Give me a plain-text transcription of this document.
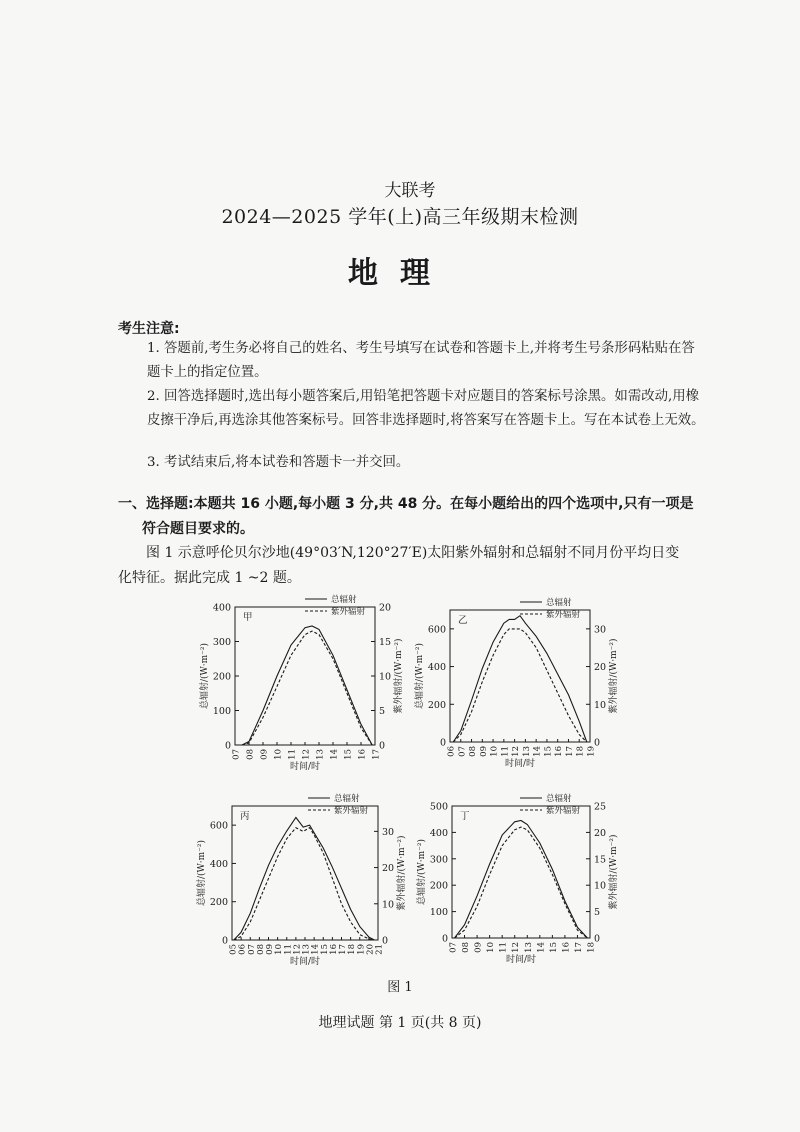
大联考
2024—2025 学年(上)高三年级期末检测
地理
考生注意:
1. 答题前,考生务必将自己的姓名、考生号填写在试卷和答题卡上,并将考生号条形码粘贴在答题卡上的指定位置。
2. 回答选择题时,选出每小题答案后,用铅笔把答题卡对应题目的答案标号涂黑。如需改动,用橡皮擦干净后,再选涂其他答案标号。回答非选择题时,将答案写在答题卡上。写在本试卷上无效。
3. 考试结束后,将本试卷和答题卡一并交回。
一、选择题:本题共 16 小题,每小题 3 分,共 48 分。在每小题给出的四个选项中,只有一项是
符合题目要求的。
图 1 示意呼伦贝尔沙地(49°03′N,120°27′E)太阳紫外辐射和总辐射不同月份平均日变
化特征。据此完成 1 ~2 题。
0
100
200
300
400
0
5
10
15
20
07 08 09 10 11 12 13 14 15 16 17
时间/时
总辐射/(W·m⁻²)	紫外辐射/(W·m⁻²)
甲
总辐射
紫外辐射
0
200
400
600
0
10
20
30
06 07 08 09 10 11 12 13 14 15 16 17 18 19
时间/时
总辐射/(W·m⁻²)	紫外辐射/(W·m⁻²)
乙
总辐射
紫外辐射
0
200
400
600
0
10
20
30
05 06 07 08 09 10 11 12 13 14 15 16 17 18 19 20 21
时间/时
总辐射/(W·m⁻²)	紫外辐射/(W·m⁻²)
丙
总辐射
紫外辐射
0
100
200
300
400
500
0
5
10
15
20
25
07 08 09 10 11 12 13 14 15 16 17 18
时间/时
总辐射/(W·m⁻²)	紫外辐射/(W·m⁻²)
丁
总辐射
紫外辐射
图 1
地理试题 第 1 页(共 8 页)
